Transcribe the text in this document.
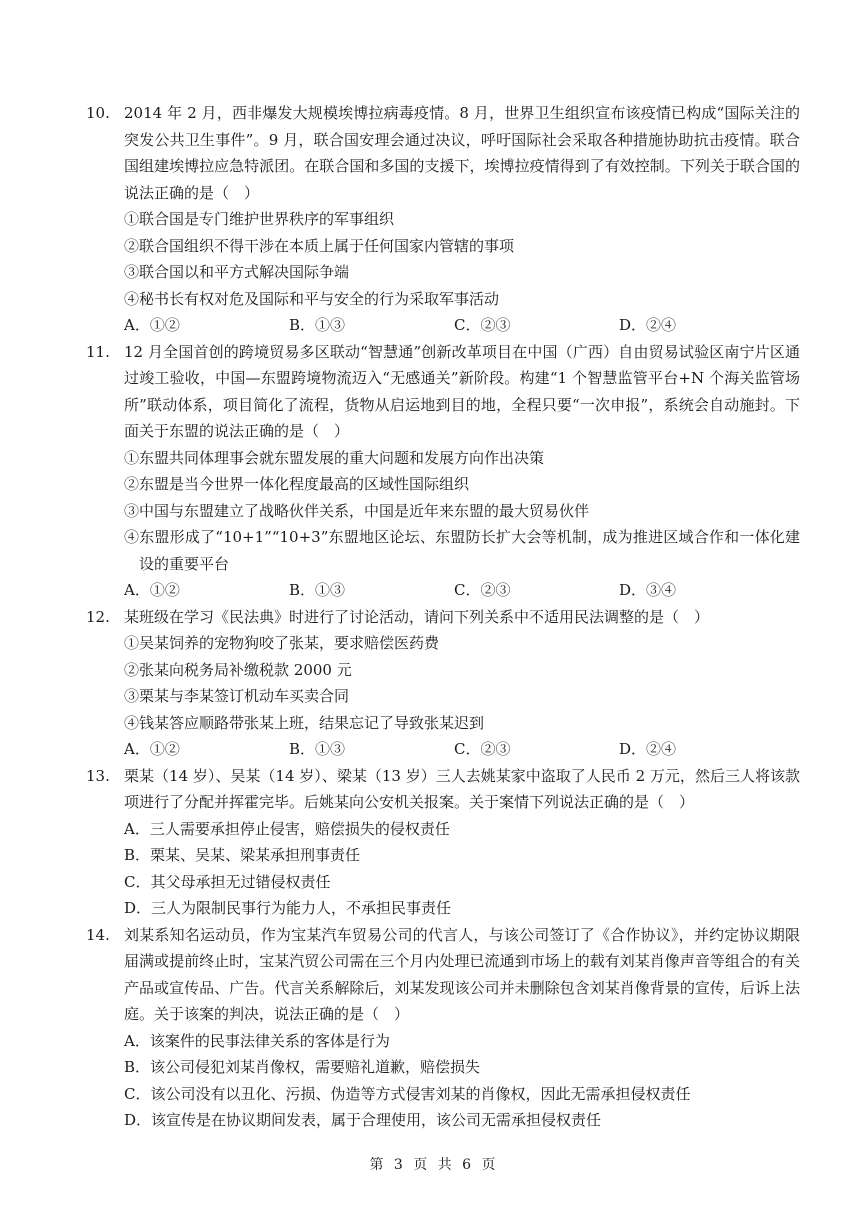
10. 2014 年 2 月，西非爆发大规模埃博拉病毒疫情。8 月，世界卫生组织宣布该疫情已构成“国际关注的突发公共卫生事件”。9 月，联合国安理会通过决议，呼吁国际社会采取各种措施协助抗击疫情。联合国组建埃博拉应急特派团。在联合国和多国的支援下，埃博拉疫情得到了有效控制。下列关于联合国的说法正确的是（　）
①联合国是专门维护世界秩序的军事组织
②联合国组织不得干涉在本质上属于任何国家内管辖的事项
③联合国以和平方式解决国际争端
④秘书长有权对危及国际和平与安全的行为采取军事活动
A．①②	B．①③	C．②③	D．②④
11. 12 月全国首创的跨境贸易多区联动“智慧通”创新改革项目在中国（广西）自由贸易试验区南宁片区通过竣工验收，中国—东盟跨境物流迈入“无感通关”新阶段。构建“1 个智慧监管平台+N 个海关监管场所”联动体系，项目简化了流程，货物从启运地到目的地，全程只要“一次申报”，系统会自动施封。下面关于东盟的说法正确的是（　）
①东盟共同体理事会就东盟发展的重大问题和发展方向作出决策
②东盟是当今世界一体化程度最高的区域性国际组织
③中国与东盟建立了战略伙伴关系，中国是近年来东盟的最大贸易伙伴
④东盟形成了“10+1”“10+3”东盟地区论坛、东盟防长扩大会等机制，成为推进区域合作和一体化建设的重要平台
A．①②	B．①③	C．②③	D．③④
12. 某班级在学习《民法典》时进行了讨论活动，请问下列关系中不适用民法调整的是（　）
①吴某饲养的宠物狗咬了张某，要求赔偿医药费
②张某向税务局补缴税款 2000 元
③栗某与李某签订机动车买卖合同
④钱某答应顺路带张某上班，结果忘记了导致张某迟到
A．①②	B．①③	C．②③	D．②④
13. 栗某（14 岁）、吴某（14 岁）、梁某（13 岁）三人去姚某家中盗取了人民币 2 万元，然后三人将该款项进行了分配并挥霍完毕。后姚某向公安机关报案。关于案情下列说法正确的是（　）
A．三人需要承担停止侵害，赔偿损失的侵权责任
B．栗某、吴某、梁某承担刑事责任
C．其父母承担无过错侵权责任
D．三人为限制民事行为能力人，不承担民事责任
14. 刘某系知名运动员，作为宝某汽车贸易公司的代言人，与该公司签订了《合作协议》，并约定协议期限届满或提前终止时，宝某汽贸公司需在三个月内处理已流通到市场上的载有刘某肖像声音等组合的有关产品或宣传品、广告。代言关系解除后，刘某发现该公司并未删除包含刘某肖像背景的宣传，后诉上法庭。关于该案的判决，说法正确的是（　）
A．该案件的民事法律关系的客体是行为
B．该公司侵犯刘某肖像权，需要赔礼道歉，赔偿损失
C．该公司没有以丑化、污损、伪造等方式侵害刘某的肖像权，因此无需承担侵权责任
D．该宣传是在协议期间发表，属于合理使用，该公司无需承担侵权责任
第 3 页 共 6 页
